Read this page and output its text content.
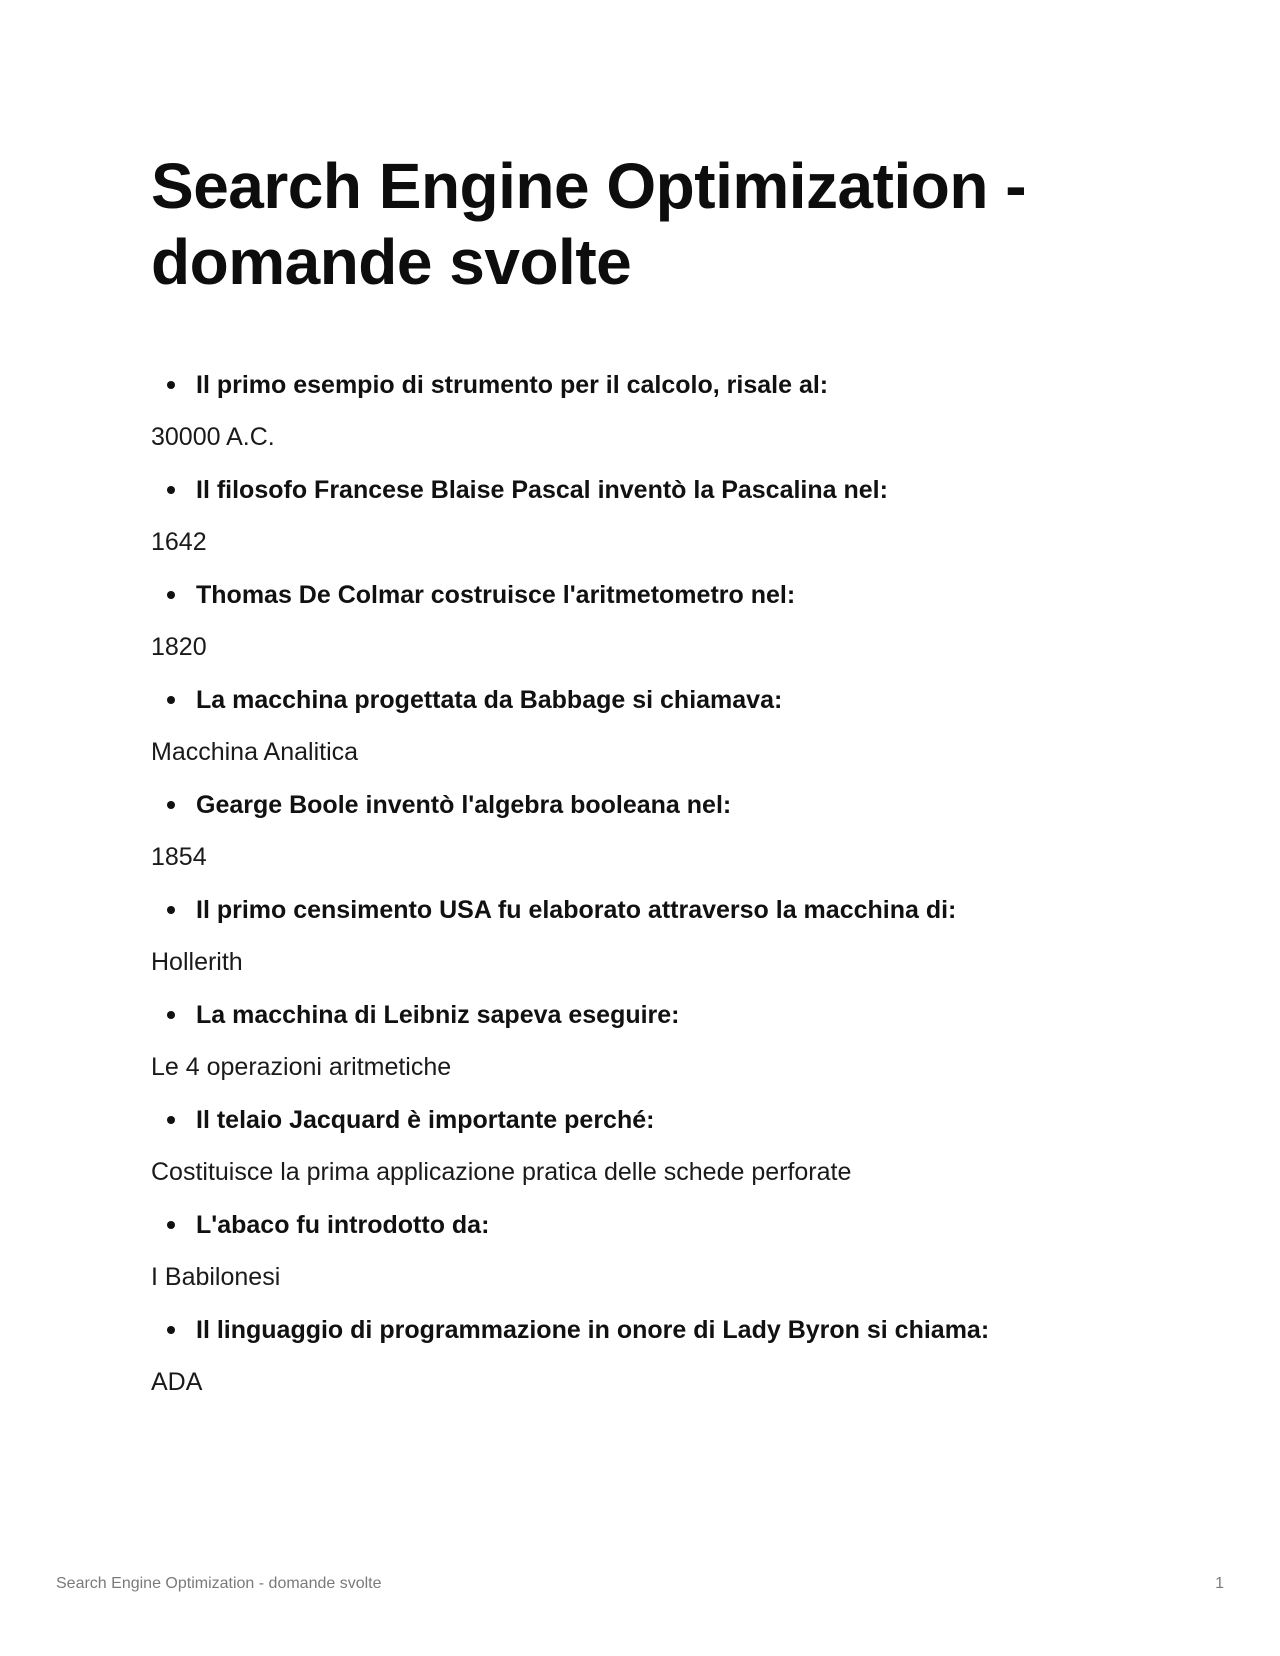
Search Engine Optimization - domande svolte
Il primo esempio di strumento per il calcolo, risale al:
30000 A.C.
Il filosofo Francese Blaise Pascal inventò la Pascalina nel:
1642
Thomas De Colmar costruisce l'aritmetometro nel:
1820
La macchina progettata da Babbage si chiamava:
Macchina Analitica
Gearge Boole inventò l'algebra booleana nel:
1854
Il primo censimento USA fu elaborato attraverso la macchina di:
Hollerith
La macchina di Leibniz sapeva eseguire:
Le 4 operazioni aritmetiche
Il telaio Jacquard è importante perché:
Costituisce la prima applicazione pratica delle schede perforate
L'abaco fu introdotto da:
I Babilonesi
Il linguaggio di programmazione in onore di Lady Byron si chiama:
ADA
Search Engine Optimization - domande svolte	1
